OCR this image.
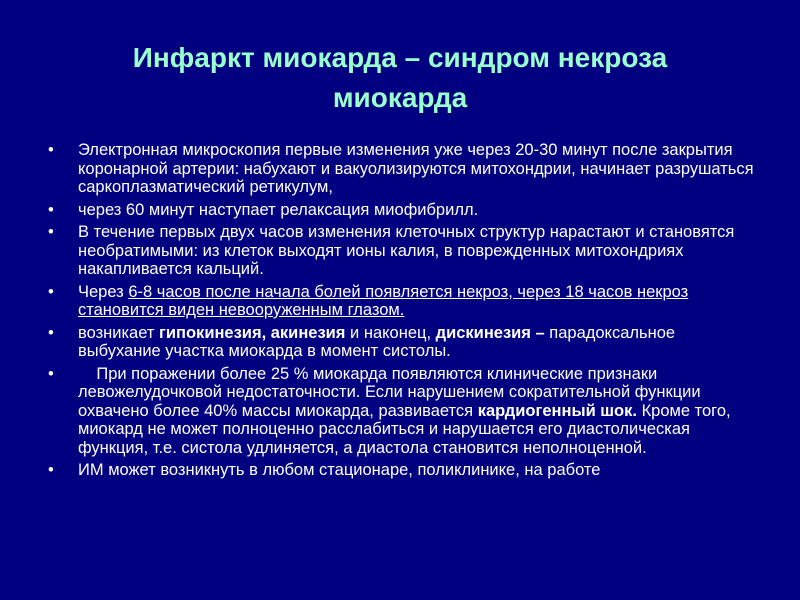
Инфаркт миокарда – синдром некроза
миокарда
• Электронная микроскопия первые изменения уже через 20-30 минут после закрытия коронарной артерии: набухают и вакуолизируются митохондрии, начинает разрушаться саркоплазматический ретикулум,
• через 60 минут наступает релаксация миофибрилл.
• В течение первых двух часов изменения клеточных структур нарастают и становятся необратимыми: из клеток выходят ионы калия, в поврежденных митохондриях накапливается кальций.
• Через 6-8 часов после начала болей появляется некроз, через 18 часов некроз становится виден невооруженным глазом.
• возникает гипокинезия, акинезия и наконец, дискинезия – парадоксальное выбухание участка миокарда в момент систолы.
• При поражении более 25 % миокарда появляются клинические признаки левожелудочковой недостаточности. Если нарушением сократительной функции охвачено более 40% массы миокарда, развивается кардиогенный шок. Кроме того, миокард не может полноценно расслабиться и нарушается его диастолическая функция, т.е. систола удлиняется, а диастола становится неполноценной.
• ИМ может возникнуть в любом стационаре, поликлинике, на работе
